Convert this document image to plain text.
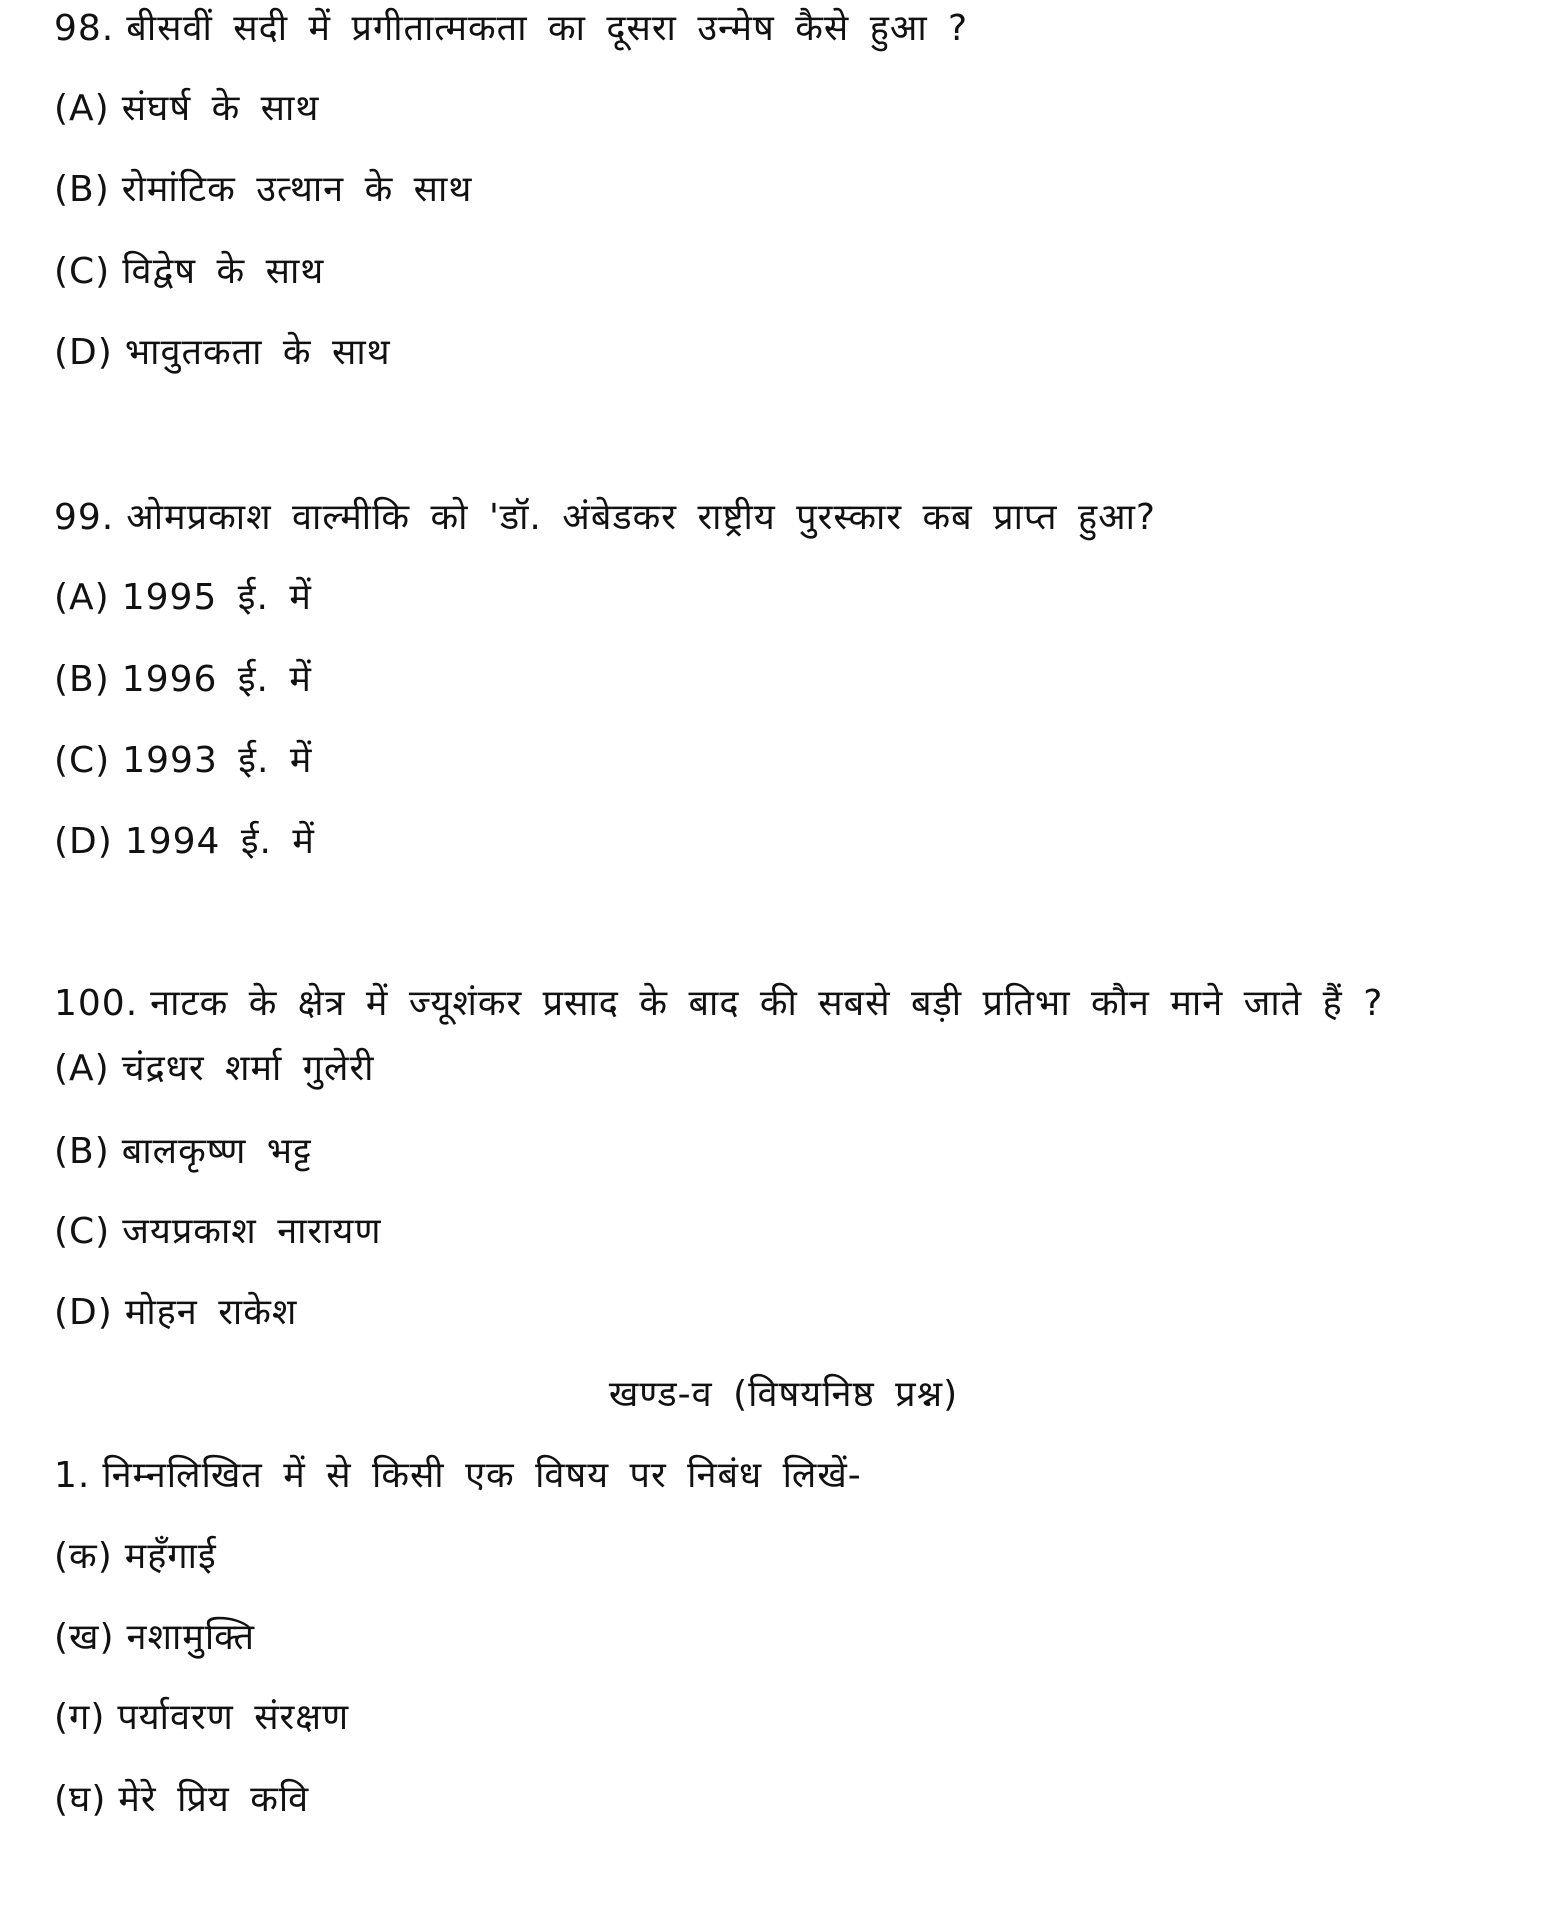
98. बीसवीं सदी में प्रगीतात्मकता का दूसरा उन्मेष कैसे हुआ ?
(A) संघर्ष के साथ
(B) रोमांटिक उत्थान के साथ
(C) विद्वेष के साथ
(D) भावुतकता के साथ
99. ओमप्रकाश वाल्मीकि को 'डॉ. अंबेडकर राष्ट्रीय पुरस्कार कब प्राप्त हुआ?
(A) 1995 ई. में
(B) 1996 ई. में
(C) 1993 ई. में
(D) 1994 ई. में
100. नाटक के क्षेत्र में ज्यूशंकर प्रसाद के बाद की सबसे बड़ी प्रतिभा कौन माने जाते हैं ?
(A) चंद्रधर शर्मा गुलेरी
(B) बालकृष्ण भट्ट
(C) जयप्रकाश नारायण
(D) मोहन राकेश
खण्ड-व (विषयनिष्ठ प्रश्न)
1. निम्नलिखित में से किसी एक विषय पर निबंध लिखें-
(क) महँगाई
(ख) नशामुक्ति
(ग) पर्यावरण संरक्षण
(घ) मेरे प्रिय कवि
